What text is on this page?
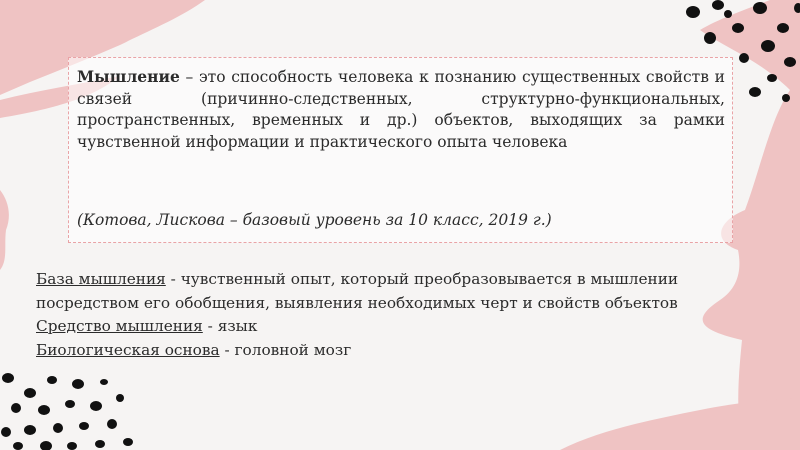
Мышление – это способность человека к познанию существенных свойств и связей (причинно-следственных, структурно-функциональных, пространственных, временных и др.) объектов, выходящих за рамки чувственной информации и практического опыта человека
(Котова, Лискова – базовый уровень за 10 класс, 2019 г.)

База мышления - чувственный опыт, который преобразовывается в мышлении посредством его обобщения, выявления необходимых черт и свойств объектов

Средство мышления - язык

Биологическая основа - головной мозг
